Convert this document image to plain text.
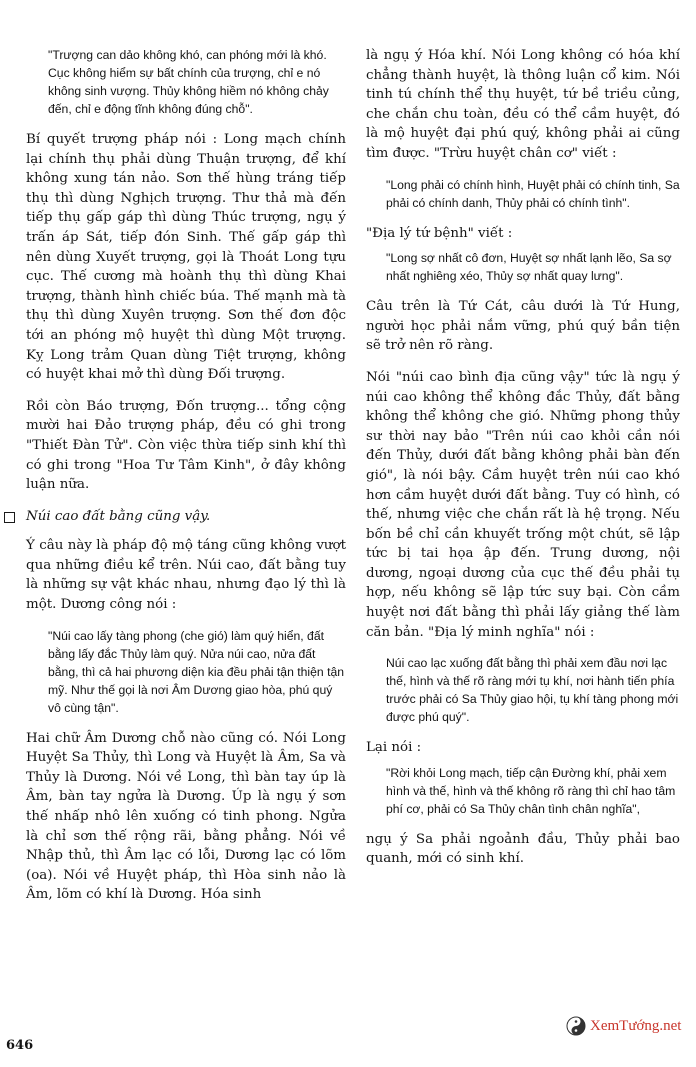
"Trượng can dảo không khó, can phóng mới là khó. Cục không hiểm sự bất chính của trượng, chỉ e nó không sinh vượng. Thủy không hiềm nó không chảy đến, chỉ e động tĩnh không đúng chỗ".

Bí quyết trượng pháp nói : Long mạch chính lại chính thụ phải dùng Thuận trượng, để khí không xung tán nảo. Sơn thế hùng tráng tiếp thụ thì dùng Nghịch trượng. Thư thả mà đến tiếp thụ gấp gáp thì dùng Thúc trượng, ngụ ý trấn áp Sát, tiếp đón Sinh. Thế gấp gáp thì nên dùng Xuyết trượng, gọi là Thoát Long tựu cục. Thế cương mà hoành thụ thì dùng Khai trượng, thành hình chiếc búa. Thế mạnh mà tà thụ thì dùng Xuyên trượng. Sơn thế đơn độc tới an phóng mộ huyệt thì dùng Một trượng. Kỵ Long trảm Quan dùng Tiệt trượng, không có huyệt khai mở thì dùng Đối trượng.

Rồi còn Báo trượng, Đốn trượng... tổng cộng mười hai Đảo trượng pháp, đều có ghi trong "Thiết Đàn Tử". Còn việc thừa tiếp sinh khí thì có ghi trong "Hoa Tư Tâm Kinh", ở đây không luận nữa.

Núi cao đất bằng cũng vậy.

Ý câu này là pháp độ mộ táng cũng không vượt qua những điều kể trên. Núi cao, đất bằng tuy là những sự vật khác nhau, nhưng đạo lý thì là một. Dương công nói :

"Núi cao lấy tàng phong (che gió) làm quý hiển, đất bằng lấy đắc Thủy làm quý. Nửa núi cao, nửa đất bằng, thì cả hai phương diện kia đều phải tận thiện tận mỹ. Như thế gọi là nơi Âm Dương giao hòa, phú quý vô cùng tận".

Hai chữ Âm Dương chỗ nào cũng có. Nói Long Huyệt Sa Thủy, thì Long và Huyệt là Âm, Sa và Thủy là Dương. Nói về Long, thì bàn tay úp là Âm, bàn tay ngửa là Dương. Úp là ngụ ý sơn thế nhấp nhô lên xuống có tinh phong. Ngửa là chỉ sơn thế rộng rãi, bằng phẳng. Nói về Nhập thủ, thì Âm lạc có lỗi, Dương lạc có lõm (oa). Nói về Huyệt pháp, thì Hòa sinh nảo là Âm, lõm có khí là Dương. Hóa sinh

là ngụ ý Hóa khí. Nói Long không có hóa khí chẳng thành huyệt, là thông luận cổ kim. Nói tinh tú chính thể thụ huyệt, tứ bề triều củng, che chắn chu toàn, đều có thể cầm huyệt, đó là mộ huyệt đại phú quý, không phải ai cũng tìm được. "Trừu huyệt chân cơ" viết :

"Long phải có chính hình, Huyệt phải có chính tinh, Sa phải có chính danh, Thủy phải có chính tình".

"Địa lý tứ bệnh" viết :

"Long sợ nhất cô đơn, Huyệt sợ nhất lạnh lẽo, Sa sợ nhất nghiêng xéo, Thủy sợ nhất quay lưng".

Câu trên là Tứ Cát, câu dưới là Tứ Hung, người học phải nắm vững, phú quý bần tiện sẽ trở nên rõ ràng.

Nói "núi cao bình địa cũng vậy" tức là ngụ ý núi cao không thể không đắc Thủy, đất bằng không thể không che gió. Những phong thủy sư thời nay bảo "Trên núi cao khỏi cần nói đến Thủy, dưới đất bằng không phải bàn đến gió", là nói bậy. Cầm huyệt trên núi cao khó hơn cầm huyệt dưới đất bằng. Tuy có hình, có thế, nhưng việc che chắn rất là hệ trọng. Nếu bốn bề chỉ cần khuyết trống một chút, sẽ lập tức bị tai họa ập đến. Trung dương, nội dương, ngoại dương của cục thế đều phải tụ hợp, nếu không sẽ lập tức suy bại. Còn cầm huyệt nơi đất bằng thì phải lấy giảng thế làm căn bản. "Địa lý minh nghĩa" nói :

Núi cao lạc xuống đất bằng thì phải xem đầu nơi lạc thế, hình và thế rõ ràng mới tụ khí, nơi hành tiến phía trước phải có Sa Thủy giao hội, tụ khí tàng phong mới được phú quý".

Lại nói :

"Rời khỏi Long mạch, tiếp cận Đường khí, phải xem hình và thế, hình và thế không rõ ràng thì chỉ hao tâm phí cơ, phải có Sa Thủy chân tình chân nghĩa",

ngụ ý Sa phải ngoảnh đầu, Thủy phải bao quanh, mới có sinh khí.

646
XemTướng.net
